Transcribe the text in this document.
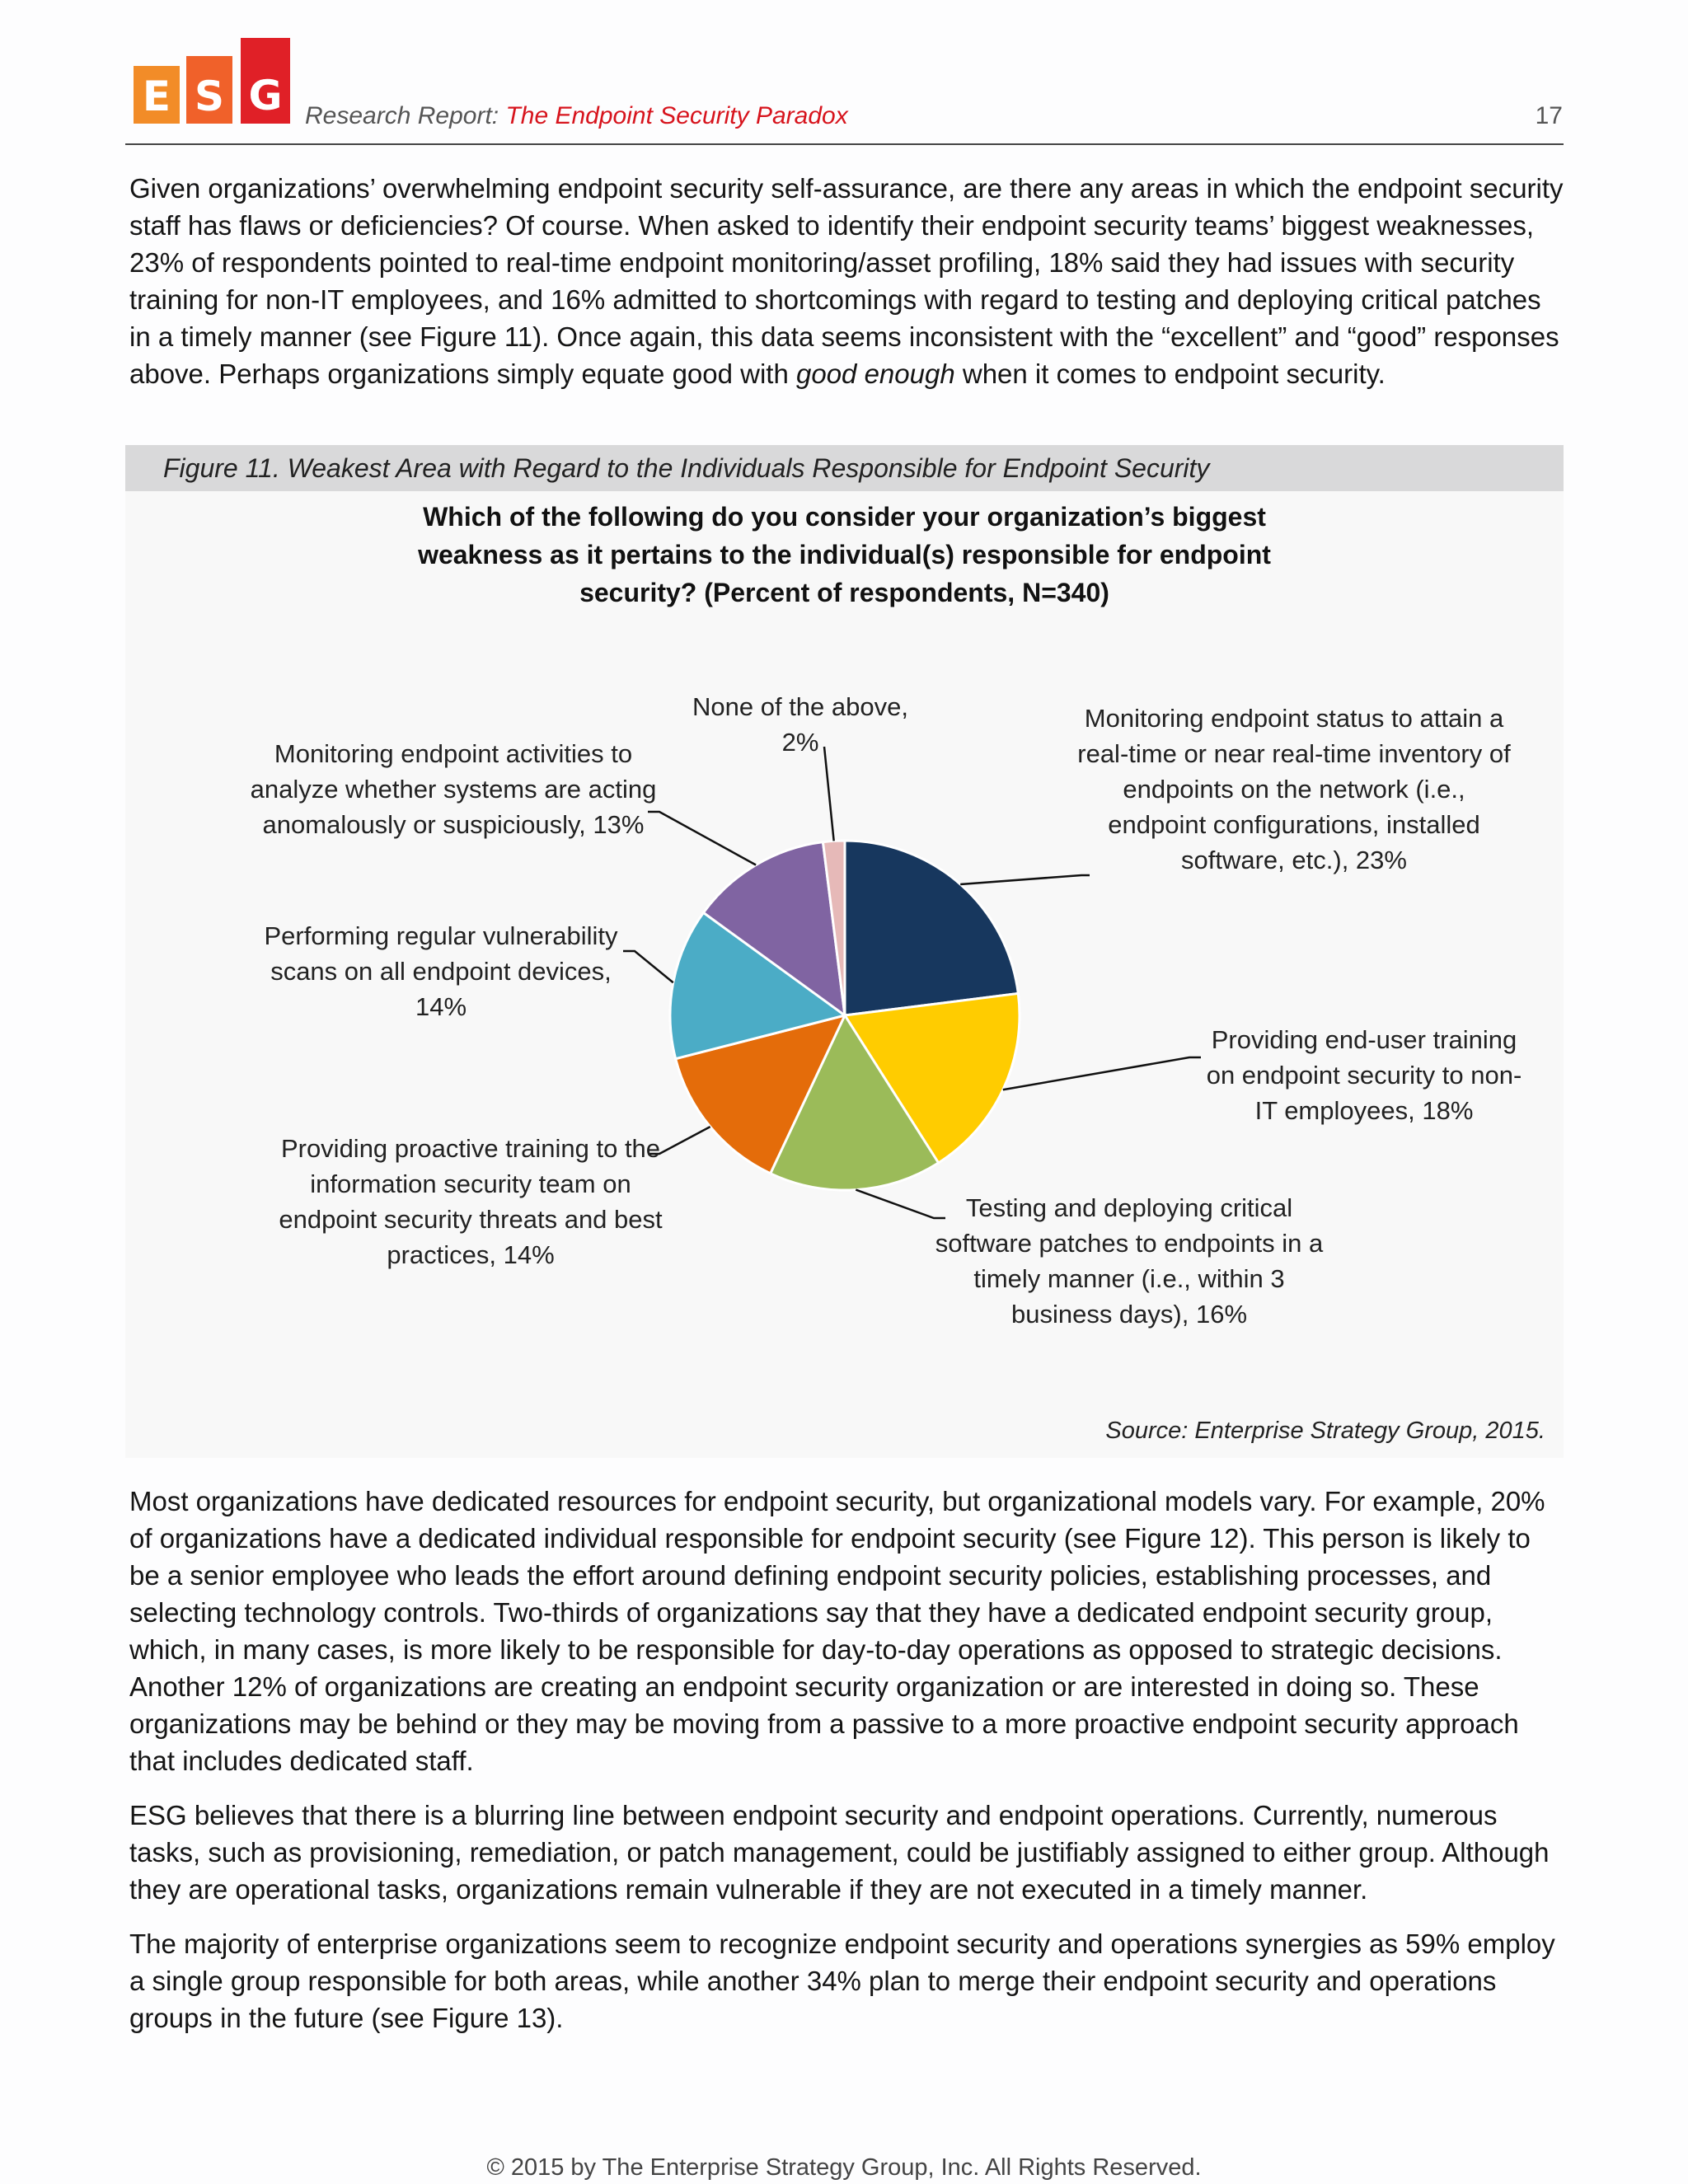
E S G Research Report: The Endpoint Security Paradox	17

Given organizations’ overwhelming endpoint security self-assurance, are there any areas in which the endpoint security staff has flaws or deficiencies? Of course. When asked to identify their endpoint security teams’ biggest weaknesses, 23% of respondents pointed to real-time endpoint monitoring/asset profiling, 18% said they had issues with security training for non-IT employees, and 16% admitted to shortcomings with regard to testing and deploying critical patches in a timely manner (see Figure 11). Once again, this data seems inconsistent with the “excellent” and “good” responses above. Perhaps organizations simply equate good with good enough when it comes to endpoint security.

Figure 11. Weakest Area with Regard to the Individuals Responsible for Endpoint Security
Which of the following do you consider your organization’s biggest weakness as it pertains to the individual(s) responsible for endpoint security? (Percent of respondents, N=340)
None of the above, 2%
Monitoring endpoint activities to analyze whether systems are acting anomalously or suspiciously, 13%
Monitoring endpoint status to attain a real-time or near real-time inventory of endpoints on the network (i.e., endpoint configurations, installed software, etc.), 23%
Performing regular vulnerability scans on all endpoint devices, 14%
Providing end-user training on endpoint security to non-IT employees, 18%
Providing proactive training to the information security team on endpoint security threats and best practices, 14%
Testing and deploying critical software patches to endpoints in a timely manner (i.e., within 3 business days), 16%
Source: Enterprise Strategy Group, 2015.

Most organizations have dedicated resources for endpoint security, but organizational models vary. For example, 20% of organizations have a dedicated individual responsible for endpoint security (see Figure 12). This person is likely to be a senior employee who leads the effort around defining endpoint security policies, establishing processes, and selecting technology controls. Two-thirds of organizations say that they have a dedicated endpoint security group, which, in many cases, is more likely to be responsible for day-to-day operations as opposed to strategic decisions. Another 12% of organizations are creating an endpoint security organization or are interested in doing so. These organizations may be behind or they may be moving from a passive to a more proactive endpoint security approach that includes dedicated staff.

ESG believes that there is a blurring line between endpoint security and endpoint operations. Currently, numerous tasks, such as provisioning, remediation, or patch management, could be justifiably assigned to either group. Although they are operational tasks, organizations remain vulnerable if they are not executed in a timely manner.

The majority of enterprise organizations seem to recognize endpoint security and operations synergies as 59% employ a single group responsible for both areas, while another 34% plan to merge their endpoint security and operations groups in the future (see Figure 13).

© 2015 by The Enterprise Strategy Group, Inc. All Rights Reserved.
